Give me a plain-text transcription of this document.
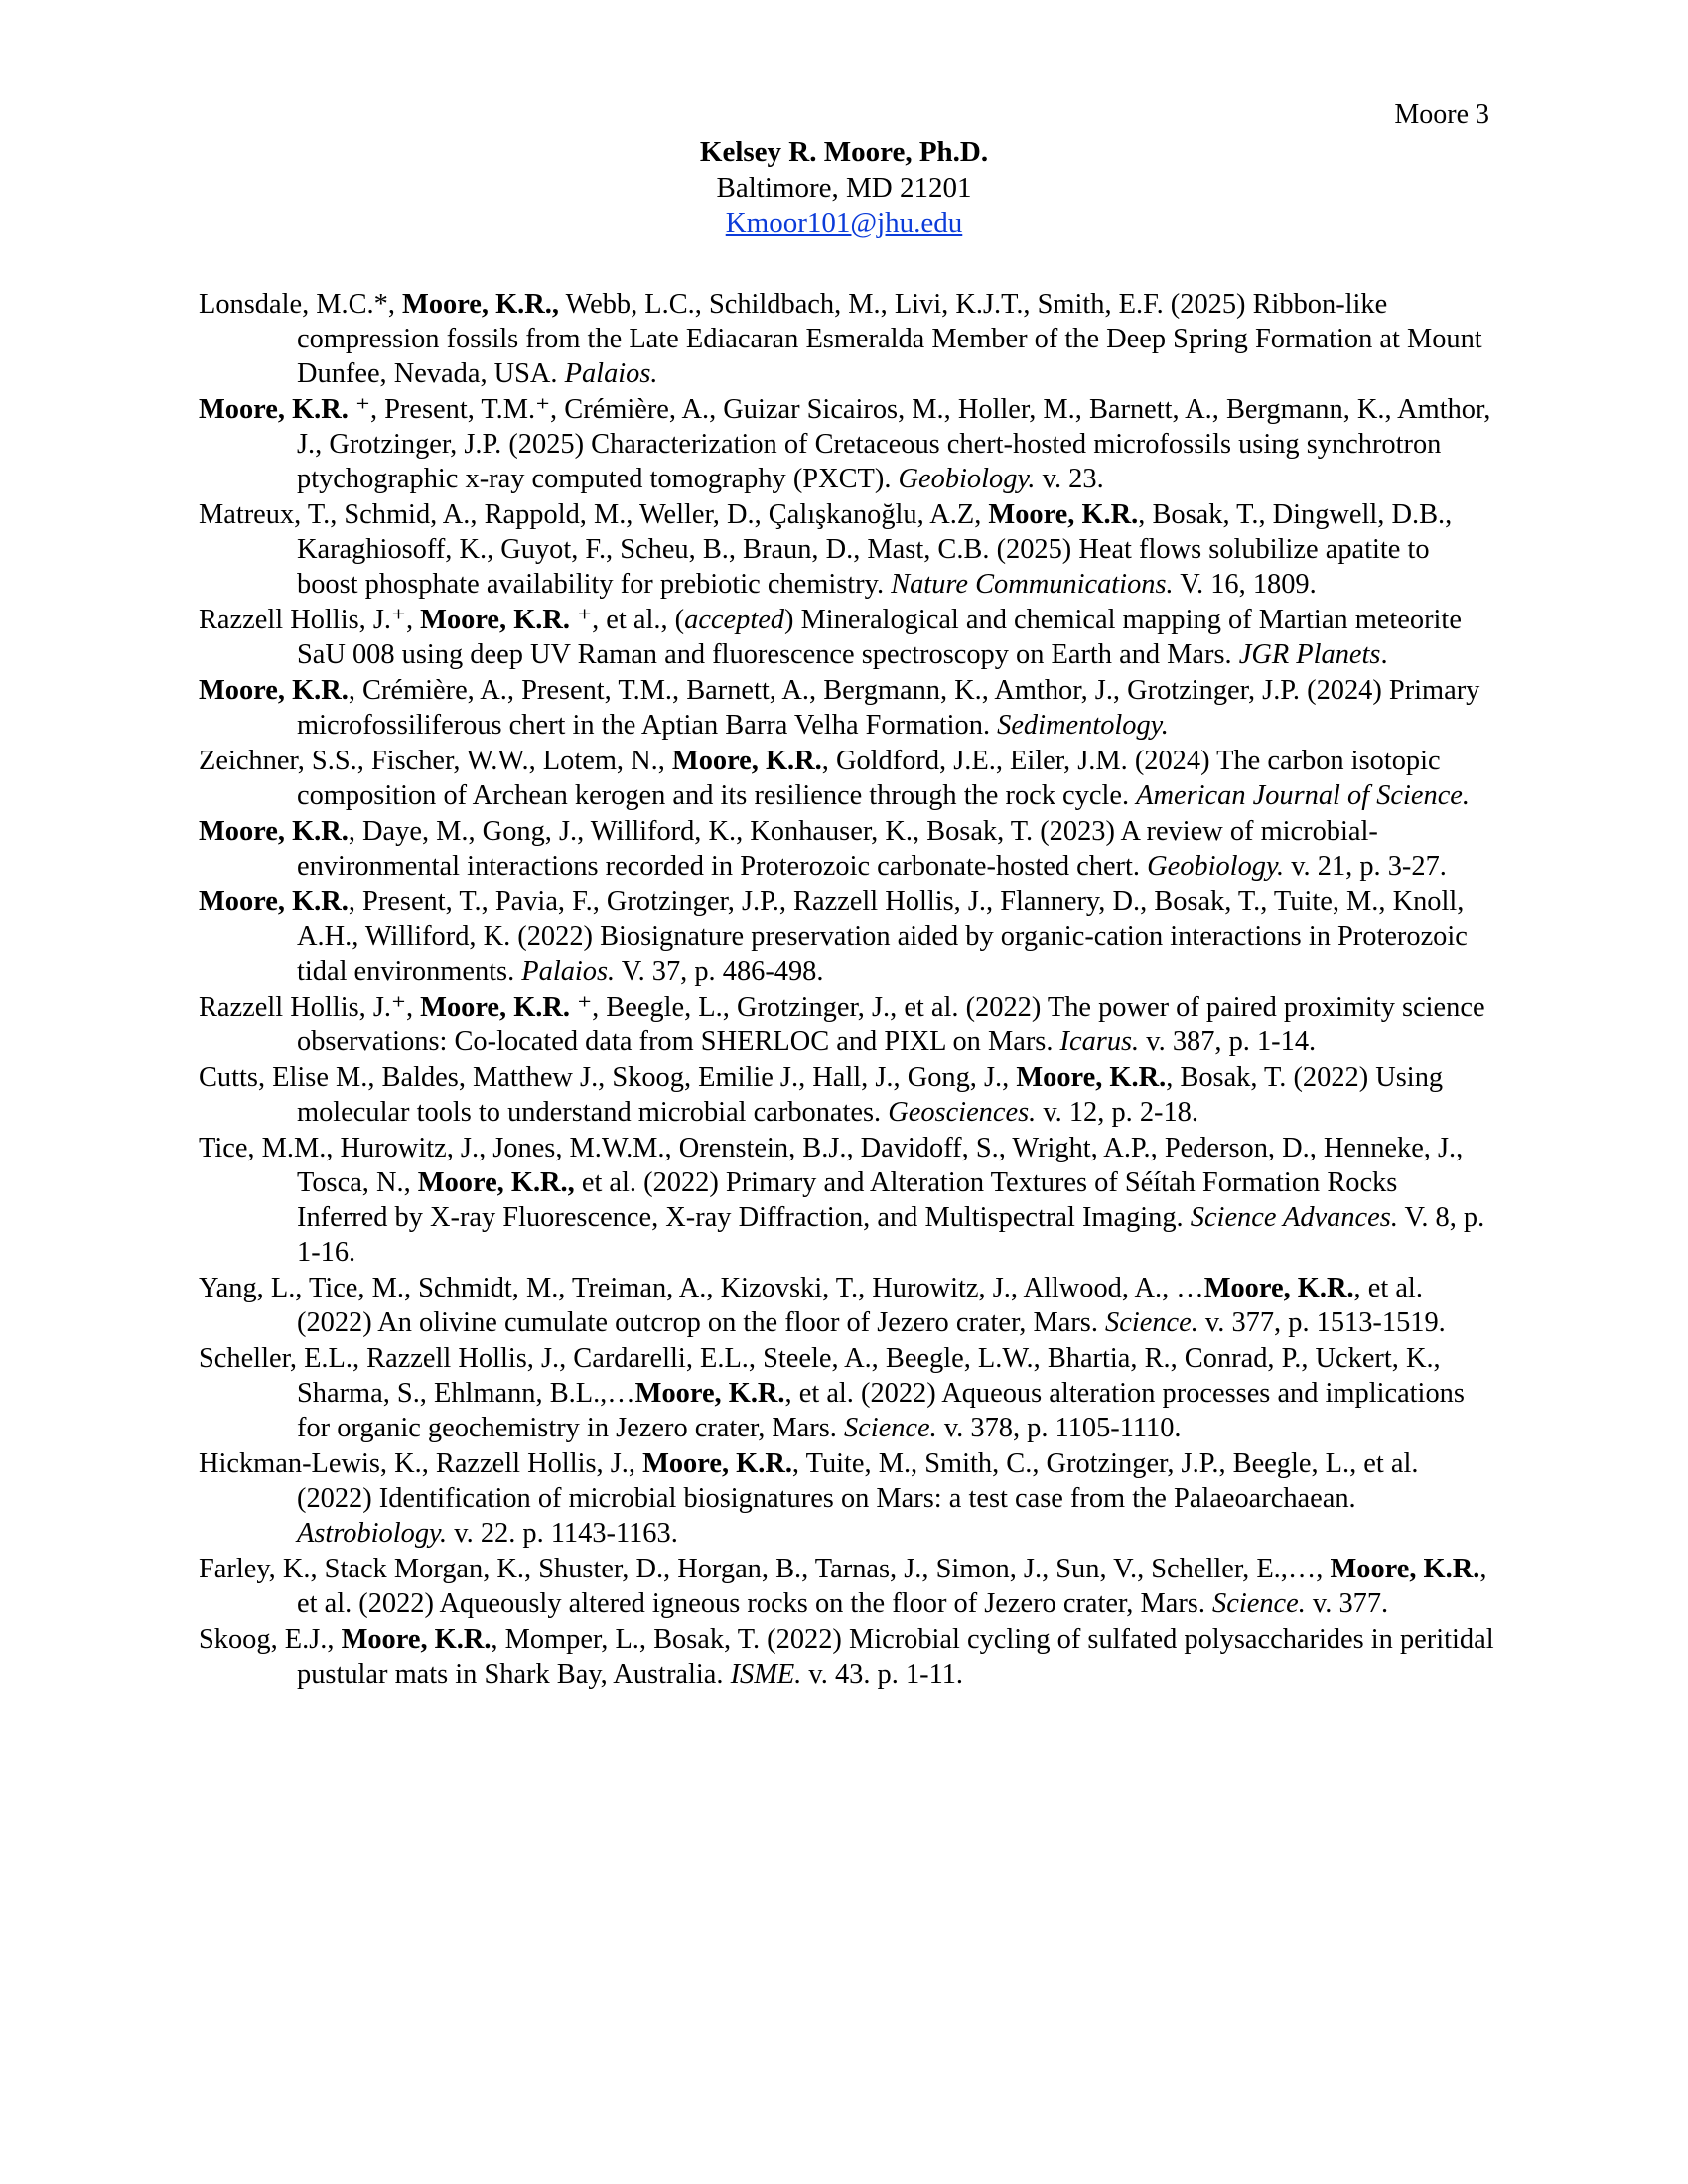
Moore 3
Kelsey R. Moore, Ph.D.
Baltimore, MD 21201
Kmoor101@jhu.edu
Lonsdale, M.C.*, Moore, K.R., Webb, L.C., Schildbach, M., Livi, K.J.T., Smith, E.F. (2025) Ribbon-like compression fossils from the Late Ediacaran Esmeralda Member of the Deep Spring Formation at Mount Dunfee, Nevada, USA. Palaios.
Moore, K.R. ⁺, Present, T.M.⁺, Crémière, A., Guizar Sicairos, M., Holler, M., Barnett, A., Bergmann, K., Amthor, J., Grotzinger, J.P. (2025) Characterization of Cretaceous chert-hosted microfossils using synchrotron ptychographic x-ray computed tomography (PXCT). Geobiology. v. 23.
Matreux, T., Schmid, A., Rappold, M., Weller, D., Çalışkanoğlu, A.Z, Moore, K.R., Bosak, T., Dingwell, D.B., Karaghiosoff, K., Guyot, F., Scheu, B., Braun, D., Mast, C.B. (2025) Heat flows solubilize apatite to boost phosphate availability for prebiotic chemistry. Nature Communications. V. 16, 1809.
Razzell Hollis, J.⁺, Moore, K.R. ⁺, et al., (accepted) Mineralogical and chemical mapping of Martian meteorite SaU 008 using deep UV Raman and fluorescence spectroscopy on Earth and Mars. JGR Planets.
Moore, K.R., Crémière, A., Present, T.M., Barnett, A., Bergmann, K., Amthor, J., Grotzinger, J.P. (2024) Primary microfossiliferous chert in the Aptian Barra Velha Formation. Sedimentology.
Zeichner, S.S., Fischer, W.W., Lotem, N., Moore, K.R., Goldford, J.E., Eiler, J.M. (2024) The carbon isotopic composition of Archean kerogen and its resilience through the rock cycle. American Journal of Science.
Moore, K.R., Daye, M., Gong, J., Williford, K., Konhauser, K., Bosak, T. (2023) A review of microbial-environmental interactions recorded in Proterozoic carbonate-hosted chert. Geobiology. v. 21, p. 3-27.
Moore, K.R., Present, T., Pavia, F., Grotzinger, J.P., Razzell Hollis, J., Flannery, D., Bosak, T., Tuite, M., Knoll, A.H., Williford, K. (2022) Biosignature preservation aided by organic-cation interactions in Proterozoic tidal environments. Palaios. V. 37, p. 486-498.
Razzell Hollis, J.⁺, Moore, K.R. ⁺, Beegle, L., Grotzinger, J., et al. (2022) The power of paired proximity science observations: Co-located data from SHERLOC and PIXL on Mars. Icarus. v. 387, p. 1-14.
Cutts, Elise M., Baldes, Matthew J., Skoog, Emilie J., Hall, J., Gong, J., Moore, K.R., Bosak, T. (2022) Using molecular tools to understand microbial carbonates. Geosciences. v. 12, p. 2-18.
Tice, M.M., Hurowitz, J., Jones, M.W.M., Orenstein, B.J., Davidoff, S., Wright, A.P., Pederson, D., Henneke, J., Tosca, N., Moore, K.R., et al. (2022) Primary and Alteration Textures of Séítah Formation Rocks Inferred by X-ray Fluorescence, X-ray Diffraction, and Multispectral Imaging. Science Advances. V. 8, p. 1-16.
Yang, L., Tice, M., Schmidt, M., Treiman, A., Kizovski, T., Hurowitz, J., Allwood, A., …Moore, K.R., et al. (2022) An olivine cumulate outcrop on the floor of Jezero crater, Mars. Science. v. 377, p. 1513-1519.
Scheller, E.L., Razzell Hollis, J., Cardarelli, E.L., Steele, A., Beegle, L.W., Bhartia, R., Conrad, P., Uckert, K., Sharma, S., Ehlmann, B.L.,…Moore, K.R., et al. (2022) Aqueous alteration processes and implications for organic geochemistry in Jezero crater, Mars. Science. v. 378, p. 1105-1110.
Hickman-Lewis, K., Razzell Hollis, J., Moore, K.R., Tuite, M., Smith, C., Grotzinger, J.P., Beegle, L., et al. (2022) Identification of microbial biosignatures on Mars: a test case from the Palaeoarchaean. Astrobiology. v. 22. p. 1143-1163.
Farley, K., Stack Morgan, K., Shuster, D., Horgan, B., Tarnas, J., Simon, J., Sun, V., Scheller, E.,…, Moore, K.R., et al. (2022) Aqueously altered igneous rocks on the floor of Jezero crater, Mars. Science. v. 377.
Skoog, E.J., Moore, K.R., Momper, L., Bosak, T. (2022) Microbial cycling of sulfated polysaccharides in peritidal pustular mats in Shark Bay, Australia. ISME. v. 43. p. 1-11.
